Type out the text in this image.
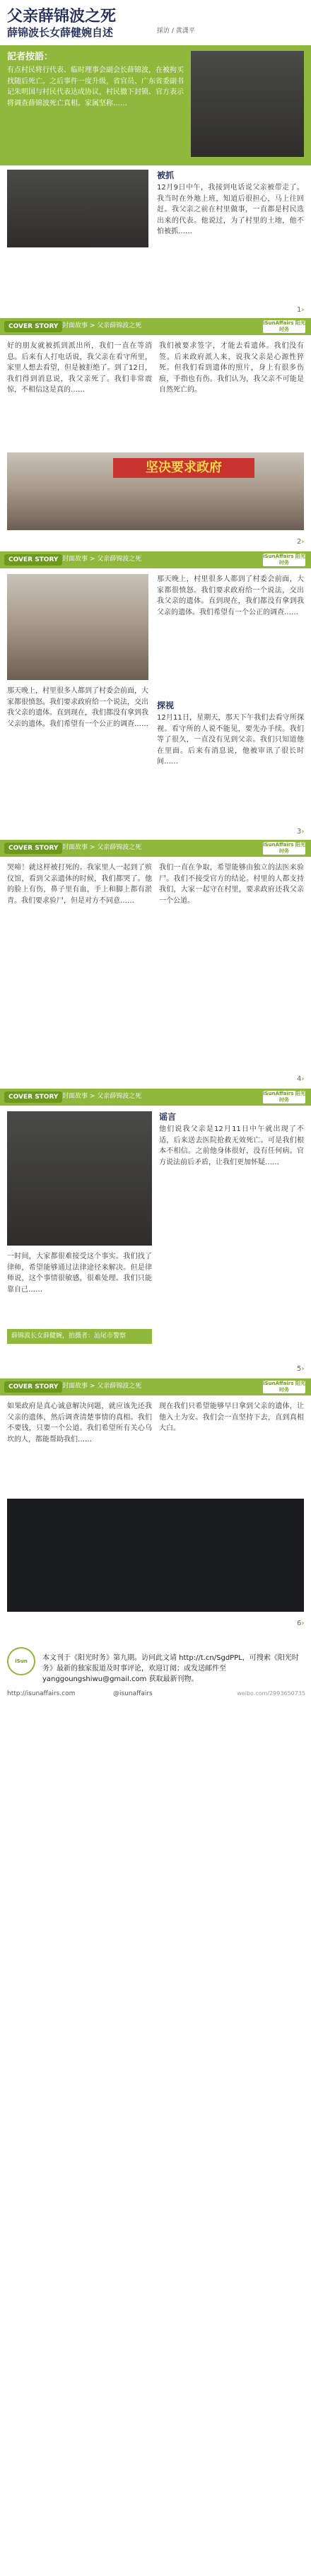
父亲薛锦波之死
薛锦波长女薛健婉自述	採访 / 黄潇平
記者按語：
有点村民将行代表、临时理事会副会长薛锦波，在被拘买找随后死亡。之后事件一度升级，省官员、广东省委副书记朱明国与村民代表达成协议，村民撤下封锁、官方表示将调查薛锦波死亡真相。家属坚称……
被抓
12月9日中午，我接到电话说父亲被带走了。我当时在外地上班，知道后很担心，马上往回赶。我父亲之前在村里做事，一直都是村民选出来的代表。他说过，为了村里的土地，他不怕被抓……
1›
COVER STORY 封面故事 > 父亲薛锦波之死	iSunAffairs 阳光时务
好的朋友就被抓到派出所，我们一直在等消息。后来有人打电话说，我父亲在看守所里，家里人想去看望，但是被拒绝了。到了12日，我们得到消息说，我父亲死了。我们非常震惊，不相信这是真的……
我们被要求签字，才能去看遗体。我们没有签。后来政府派人来，说我父亲是心源性猝死。但我们看到遗体的照片，身上有很多伤痕，手指也有伤。我们认为，我父亲不可能是自然死亡的。
坚决要求政府
2›
COVER STORY 封面故事 > 父亲薛锦波之死	iSunAffairs 阳光时务
那天晚上，村里很多人都到了村委会前面，大家都很愤怒。我们要求政府给一个说法，交出我父亲的遗体。直到现在，我们都没有拿到我父亲的遗体。我们希望有一个公正的调查……
那天晚上，村里很多人都到了村委会前面，大家都很愤怒。我们要求政府给一个说法，交出我父亲的遗体。直到现在，我们都没有拿到我父亲的遗体。我们希望有一个公正的调查……
探视
12月11日，星期天，那天下午我们去看守所探视。看守所的人说不能见，要先办手续。我们等了很久，一直没有见到父亲。我们只知道他在里面。后来有消息说，他被审讯了很长时间……
3›
COVER STORY 封面故事 > 父亲薛锦波之死	iSunAffairs 阳光时务
哭啼！就这样被打死的。我家里人一起到了殡仪馆，看到父亲遗体的时候，我们都哭了。他的脸上有伤，鼻子里有血，手上和脚上都有淤青。我们要求验尸，但是对方不同意……
我们一直在争取，希望能够由独立的法医来验尸。我们不接受官方的结论。村里的人都支持我们，大家一起守在村里，要求政府还我父亲一个公道。
4›
COVER STORY 封面故事 > 父亲薛锦波之死	iSunAffairs 阳光时务
一时间，大家都很难接受这个事实。我们找了律师，希望能够通过法律途径来解决。但是律师说，这个事情很敏感，很难处理。我们只能靠自己……
谣言
他们说我父亲是12月11日中午就出现了不适，后来送去医院抢救无效死亡。可是我们根本不相信。之前他身体很好，没有任何病。官方说法前后矛盾，让我们更加怀疑……
薛锦波长女薛健婉，拍摄者：汕尾市警察
5›
COVER STORY 封面故事 > 父亲薛锦波之死	iSunAffairs 阳光时务
如果政府是真心诚意解决问题，就应该先还我父亲的遗体，然后调查清楚事情的真相。我们不要钱，只要一个公道。我们希望所有关心乌坎的人，都能帮助我们……
现在我们只希望能够早日拿到父亲的遗体，让他入土为安。我们会一直坚持下去，直到真相大白。
6›
iSun	本文刊于《阳光时务》第九期。访问此文请 http://t.cn/SgdPPL，可搜索《阳光时务》最新的独家报道及时事评论，欢迎订阅；或发送邮件至 yanggoungshiwu@gmail.com 获取最新刊物。
http://isunaffairs.com	@isunaffairs	weibo.com/2993650735
